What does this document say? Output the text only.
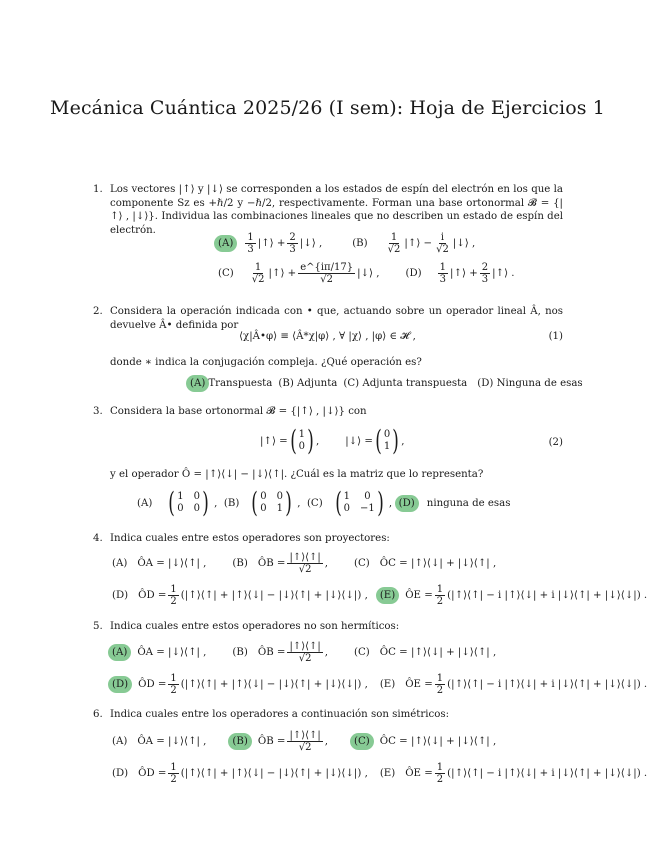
Mecánica Cuántica 2025/26 (I sem): Hoja de Ejercicios 1
1. Los vectores |↑⟩ y |↓⟩ se corresponden a los estados de espín del electrón en los que la componente Sz es +ℏ/2 y −ℏ/2, respectivamente. Forman una base ortonormal 𝓑 = {|↑⟩ , |↓⟩}. Individua las combinaciones lineales que no describen un estado de espín del electrón.
$(A) \frac{1}{3}$ |↑⟩ + $\frac{2}{3}$ |↓⟩ ,	$(B) \frac{1}{√2}$ |↑⟩ − $\frac{i}{√2}$ |↓⟩ ,
$(C) \frac{1}{√2}$ |↑⟩ + $\frac{e\^{}\{i\pi/17\}}{√2}$ |↓⟩ ,	$(D) \frac{1}{3}$ |↑⟩ + $\frac{2}{3}$ |↑⟩ .
2. Considera la operación indicada con • que, actuando sobre un operador lineal Â, nos devuelve Â• definida por
⟨χ|Â•φ⟩ ≡ ⟨Â*χ|φ⟩ , ∀ |χ⟩ , |φ⟩ ∈ 𝓗 ,	(1)
donde ∗ indica la conjugación compleja. ¿Qué operación es?
(A) Transpuesta (B) Adjunta (C) Adjunta transpuesta (D) Ninguna de esas
3. Considera la base ortonormal 𝓑 = {|↑⟩ , |↓⟩} con
|↑⟩ = ( 1
0 ) ,	|↓⟩ = ( 0
1 ) ,	(2)
y el operador Ô = |↑⟩⟨↓| − |↓⟩⟨↑|. ¿Cuál es la matriz que lo representa?
(A) ( 1 0
0 0 ) , (B) ( 0 0
0 1 ) , (C) ( 1	0
0 −1 ) , (D) ninguna de esas
4. Indica cuales entre estos operadores son proyectores:
(A) ÔA = |↓⟩⟨↑| ,	(B) ÔB = $\frac{|↑⟩⟨↑|}{√2}$ ,	(C) ÔC = |↑⟩⟨↓| + |↓⟩⟨↑| ,
(D) ÔD = $\frac{1}{2}$ (|↑⟩⟨↑| + |↑⟩⟨↓| − |↓⟩⟨↑| + |↓⟩⟨↓|) , (E) ÔE = $\frac{1}{2}$ (|↑⟩⟨↑| − i |↑⟩⟨↓| + i |↓⟩⟨↑| + |↓⟩⟨↓|) .
5. Indica cuales entre estos operadores no son hermíticos:
(A) ÔA = |↓⟩⟨↑| ,	(B) ÔB = $\frac{|↑⟩⟨↑|}{√2}$ ,	(C) ÔC = |↑⟩⟨↓| + |↓⟩⟨↑| ,
(D) ÔD = $\frac{1}{2}$ (|↑⟩⟨↑| + |↑⟩⟨↓| − |↓⟩⟨↑| + |↓⟩⟨↓|) , (E) ÔE = $\frac{1}{2}$ (|↑⟩⟨↑| − i |↑⟩⟨↓| + i |↓⟩⟨↑| + |↓⟩⟨↓|) .
6. Indica cuales entre los operadores a continuación son simétricos:
(A) ÔA = |↓⟩⟨↑| ,	(B) ÔB = $\frac{|↑⟩⟨↑|}{√2}$ ,	(C) ÔC = |↑⟩⟨↓| + |↓⟩⟨↑| ,
(D) ÔD = $\frac{1}{2}$ (|↑⟩⟨↑| + |↑⟩⟨↓| − |↓⟩⟨↑| + |↓⟩⟨↓|) , (E) ÔE = $\frac{1}{2}$ (|↑⟩⟨↑| − i |↑⟩⟨↓| + i |↓⟩⟨↑| + |↓⟩⟨↓|) .
